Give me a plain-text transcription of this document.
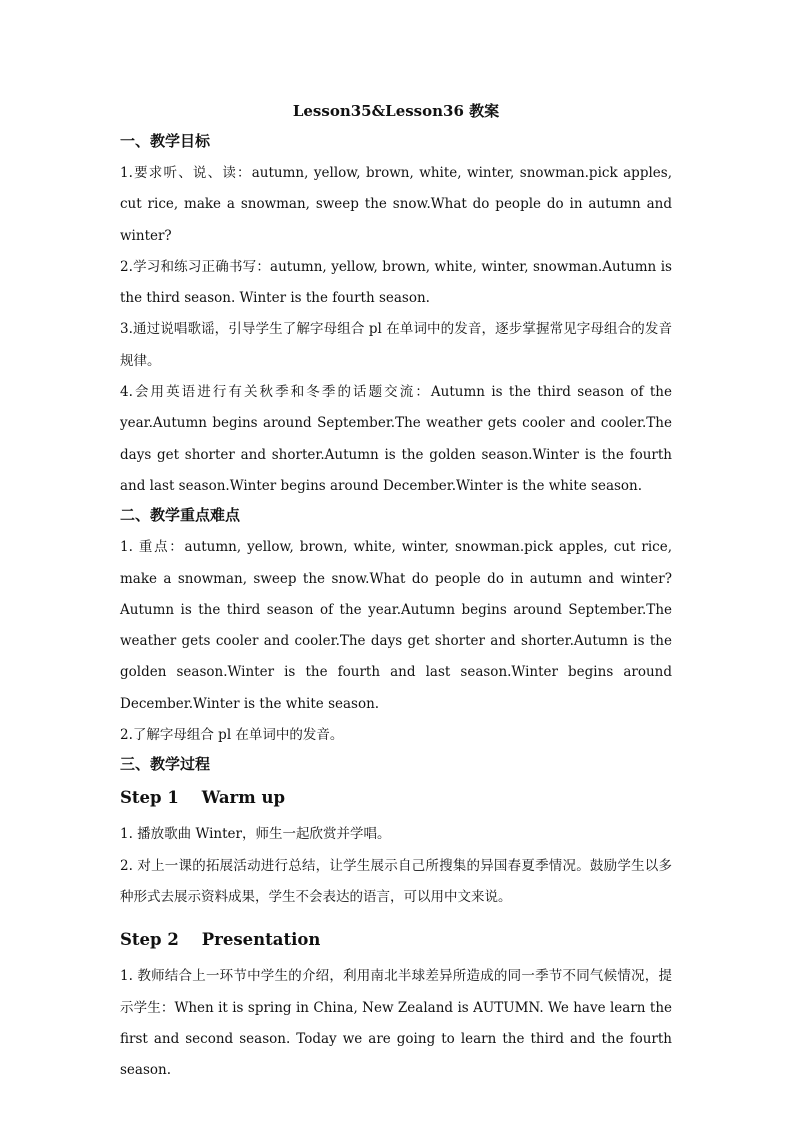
Lesson35&Lesson36 教案
一、教学目标

1.要求听、说、读：autumn, yellow, brown, white, winter, snowman.pick apples, cut rice, make a snowman, sweep the snow.What do people do in autumn and winter?

2.学习和练习正确书写：autumn, yellow, brown, white, winter, snowman.Autumn is the third season. Winter is the fourth season.

3.通过说唱歌谣，引导学生了解字母组合 pl 在单词中的发音，逐步掌握常见字母组合的发音规律。

4.会用英语进行有关秋季和冬季的话题交流：Autumn is the third season of the year.Autumn begins around September.The weather gets cooler and cooler.The days get shorter and shorter.Autumn is the golden season.Winter is the fourth and last season.Winter begins around December.Winter is the white season.

二、教学重点难点

1. 重点：autumn, yellow, brown, white, winter, snowman.pick apples, cut rice, make a snowman, sweep the snow.What do people do in autumn and winter?Autumn is the third season of the year.Autumn begins around September.The weather gets cooler and cooler.The days get shorter and shorter.Autumn is the golden season.Winter is the fourth and last season.Winter begins around December.Winter is the white season.

2.了解字母组合 pl 在单词中的发音。

三、教学过程
Step 1    Warm up

1. 播放歌曲 Winter，师生一起欣赏并学唱。

2. 对上一课的拓展活动进行总结，让学生展示自己所搜集的异国春夏季情况。鼓励学生以多种形式去展示资料成果，学生不会表达的语言，可以用中文来说。

Step 2    Presentation

1. 教师结合上一环节中学生的介绍，利用南北半球差异所造成的同一季节不同气候情况，提示学生：When it is spring in China, New Zealand is AUTUMN. We have learn the first and second season. Today we are going to learn the third and the fourth season.
